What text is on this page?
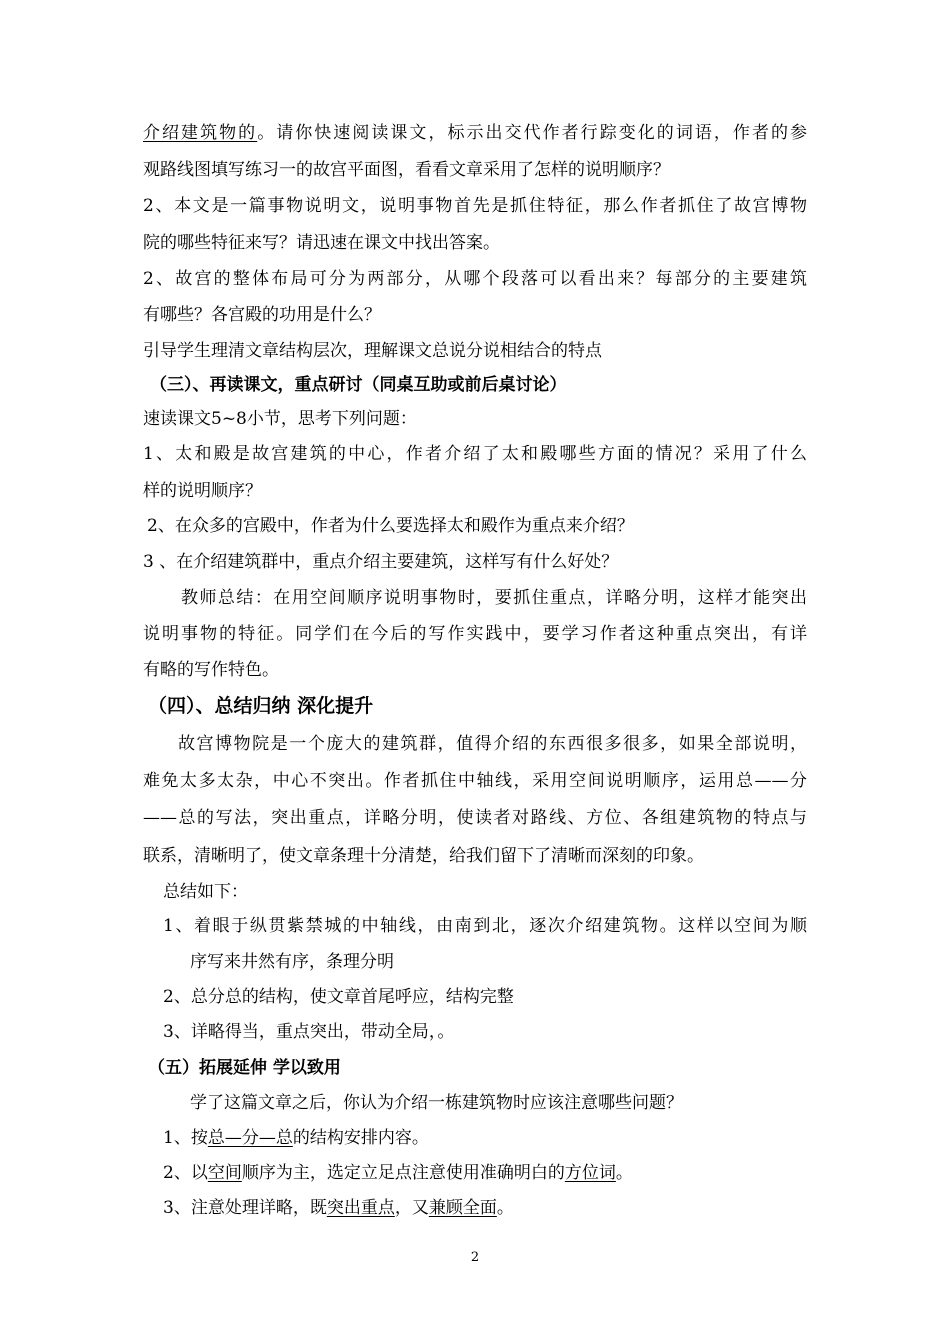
介绍建筑物的。请你快速阅读课文，标示出交代作者行踪变化的词语，作者的参
观路线图填写练习一的故宫平面图，看看文章采用了怎样的说明顺序？
2、本文是一篇事物说明文，说明事物首先是抓住特征，那么作者抓住了故宫博物
院的哪些特征来写？请迅速在课文中找出答案。
2、故宫的整体布局可分为两部分，从哪个段落可以看出来？每部分的主要建筑
有哪些？各宫殿的功用是什么？
引导学生理清文章结构层次，理解课文总说分说相结合的特点
（三）、再读课文，重点研讨（同桌互助或前后桌讨论）
速读课文5~8小节，思考下列问题：
1、太和殿是故宫建筑的中心，作者介绍了太和殿哪些方面的情况？采用了什么
样的说明顺序？
2、在众多的宫殿中，作者为什么要选择太和殿作为重点来介绍？
3 、在介绍建筑群中，重点介绍主要建筑，这样写有什么好处？
教师总结：在用空间顺序说明事物时，要抓住重点，详略分明，这样才能突出
说明事物的特征。同学们在今后的写作实践中，要学习作者这种重点突出，有详
有略的写作特色。
（四）、总结归纳 深化提升
故宫博物院是一个庞大的建筑群，值得介绍的东西很多很多，如果全部说明，
难免太多太杂，中心不突出。作者抓住中轴线，采用空间说明顺序，运用总——分
——总的写法，突出重点，详略分明，使读者对路线、方位、各组建筑物的特点与
联系，清晰明了，使文章条理十分清楚，给我们留下了清晰而深刻的印象。
总结如下：
1、着眼于纵贯紫禁城的中轴线，由南到北，逐次介绍建筑物。这样以空间为顺
序写来井然有序，条理分明
2、总分总的结构，使文章首尾呼应，结构完整
3、详略得当，重点突出，带动全局，。
（五）拓展延伸 学以致用
学了这篇文章之后，你认为介绍一栋建筑物时应该注意哪些问题？
1、按总—分—总的结构安排内容。
2、以空间顺序为主，选定立足点注意使用准确明白的方位词。
3、注意处理详略，既突出重点，又兼顾全面。
2
